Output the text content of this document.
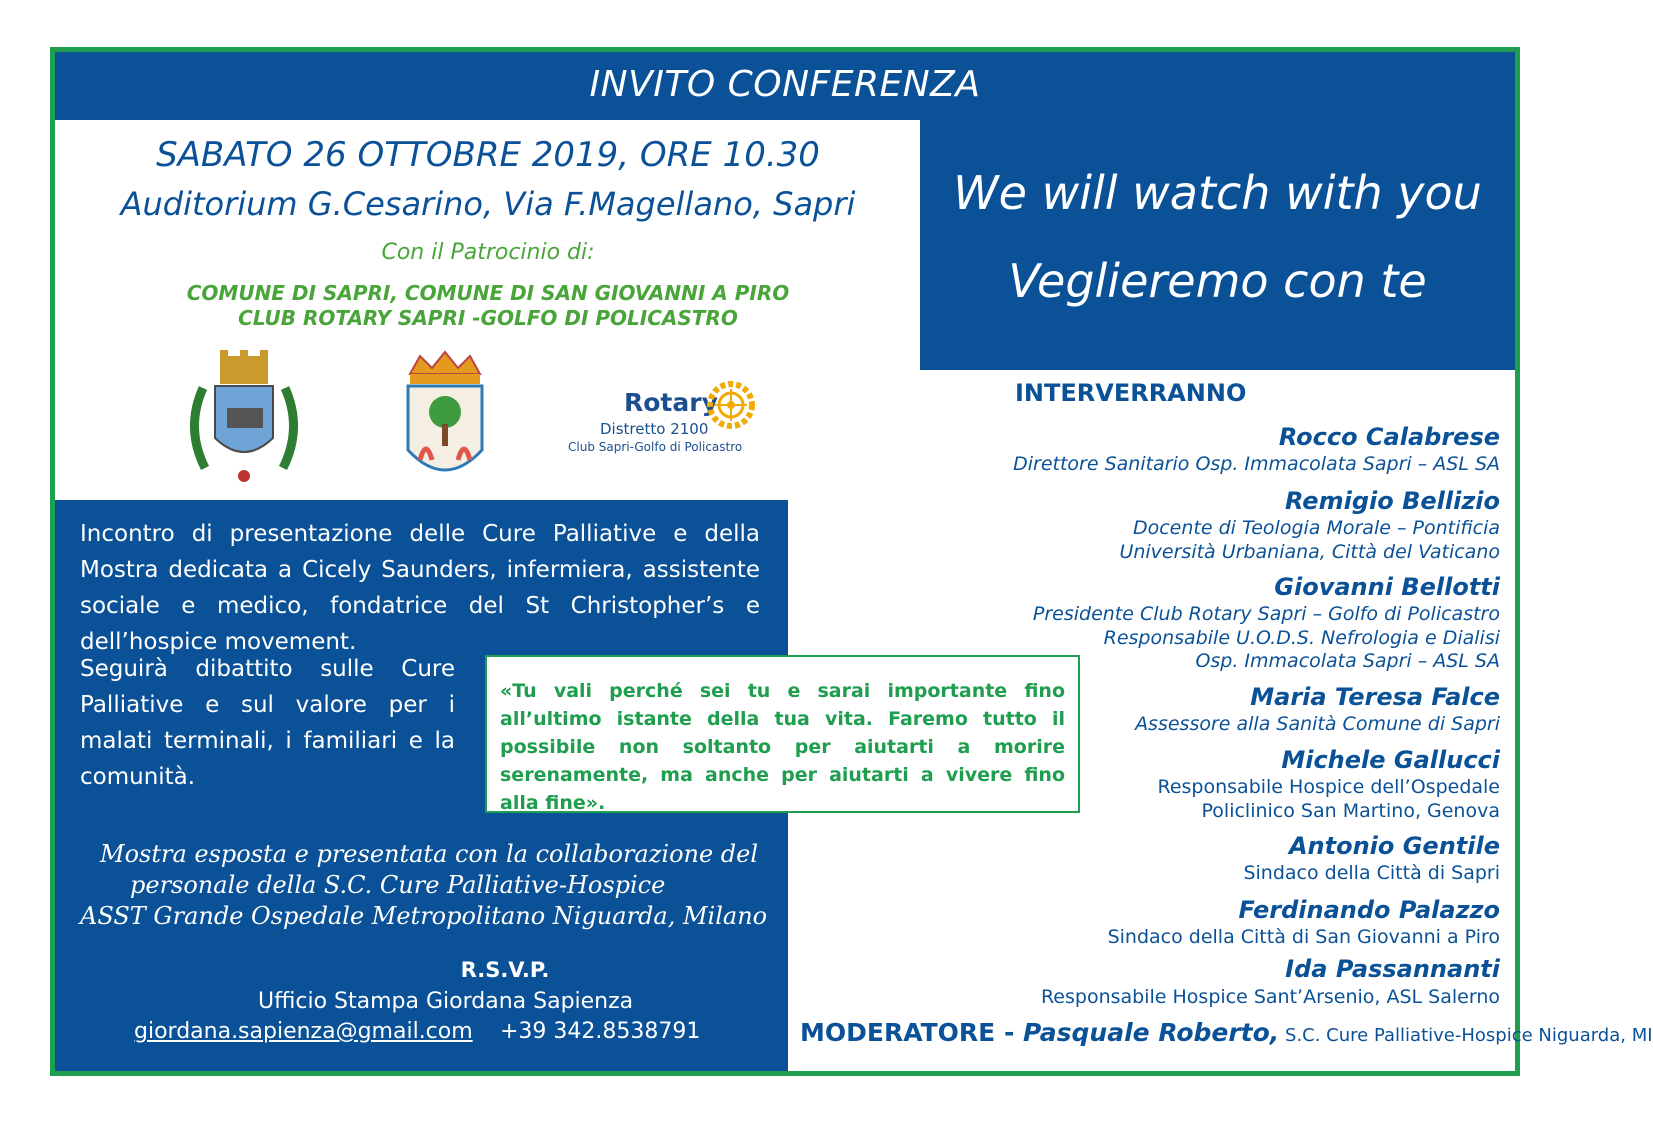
INVITO CONFERENZA
We will watch with you
Veglieremo con te
SABATO 26 OTTOBRE 2019, ORE 10.30
Auditorium G.Cesarino, Via F.Magellano, Sapri
Con il Patrocinio di:
COMUNE DI SAPRI, COMUNE DI SAN GIOVANNI A PIRO
CLUB ROTARY SAPRI -GOLFO DI POLICASTRO
Rotary
Distretto 2100
Club Sapri-Golfo di Policastro
Incontro di presentazione delle Cure Palliative e della Mostra dedicata a Cicely Saunders, infermiera, assistente sociale e medico, fondatrice del St Christopher’s e dell’hospice movement.
Seguirà dibattito sulle Cure Palliative e sul valore per i malati terminali, i familiari e la comunità.
«Tu vali perché sei tu e sarai importante fino all’ultimo istante della tua vita. Faremo tutto il possibile non soltanto per aiutarti a morire serenamente, ma anche per aiutarti a vivere fino alla fine».
Mostra esposta e presentata con la collaborazione del
personale della S.C. Cure Palliative-Hospice
ASST Grande Ospedale Metropolitano Niguarda, Milano
R.S.V.P.
Ufficio Stampa Giordana Sapienza
giordana.sapienza@gmail.com +39 342.8538791
INTERVERRANNO
Rocco Calabrese
Direttore Sanitario Osp. Immacolata Sapri – ASL SA
Remigio Bellizio
Docente di Teologia Morale – Pontificia
Università Urbaniana, Città del Vaticano
Giovanni Bellotti
Presidente Club Rotary Sapri – Golfo di Policastro
Responsabile U.O.D.S. Nefrologia e Dialisi
Osp. Immacolata Sapri – ASL SA
Maria Teresa Falce
Assessore alla Sanità Comune di Sapri
Michele Gallucci
Responsabile Hospice dell’Ospedale
Policlinico San Martino, Genova
Antonio Gentile
Sindaco della Città di Sapri
Ferdinando Palazzo
Sindaco della Città di San Giovanni a Piro
Ida Passannanti
Responsabile Hospice Sant’Arsenio, ASL Salerno
MODERATORE - Pasquale Roberto, S.C. Cure Palliative-Hospice Niguarda, MI
